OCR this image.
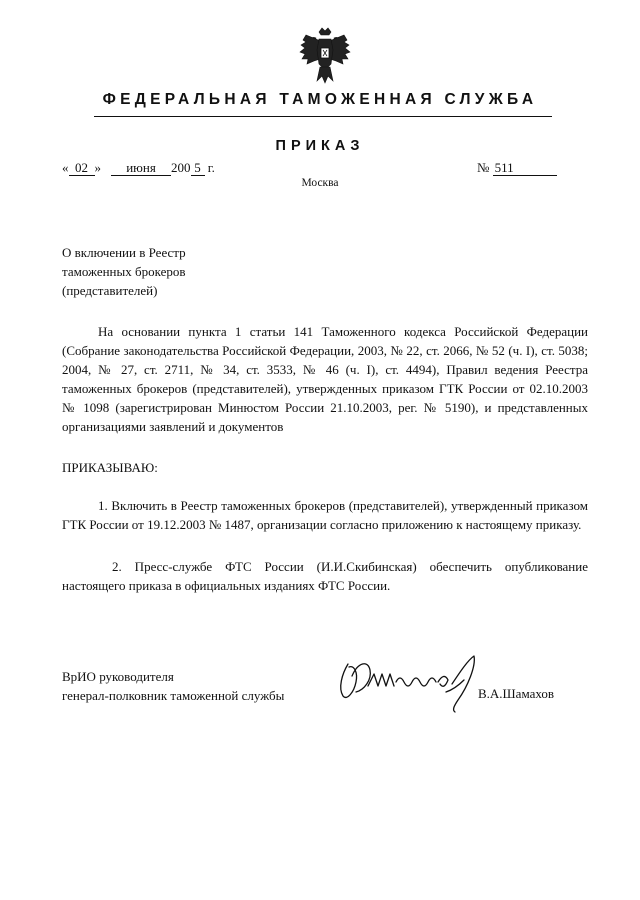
ФЕДЕРАЛЬНАЯ ТАМОЖЕННАЯ СЛУЖБА
ПРИКАЗ
« 02 » июня 200 5 г.	№ 511
Москва
О включении в Реестр
таможенных брокеров
(представителей)

На основании пункта 1 статьи 141 Таможенного кодекса Российской Федерации (Собрание законодательства Российской Федерации, 2003, № 22, ст. 2066, № 52 (ч. I), ст. 5038; 2004, № 27, ст. 2711, № 34, ст. 3533, № 46 (ч. I), ст. 4494), Правил ведения Реестра таможенных брокеров (представителей), утвержденных приказом ГТК России от 02.10.2003 № 1098 (зарегистрирован Минюстом России 21.10.2003, рег. № 5190), и представленных организациями заявлений и документов

ПРИКАЗЫВАЮ:

1. Включить в Реестр таможенных брокеров (представителей), утвержденный приказом ГТК России от 19.12.2003 № 1487, организации согласно приложению к настоящему приказу.

2. Пресс-службе ФТС России (И.И.Скибинская) обеспечить опубликование настоящего приказа в официальных изданиях ФТС России.

ВрИО руководителя
генерал-полковник таможенной службы	В.А.Шамахов
